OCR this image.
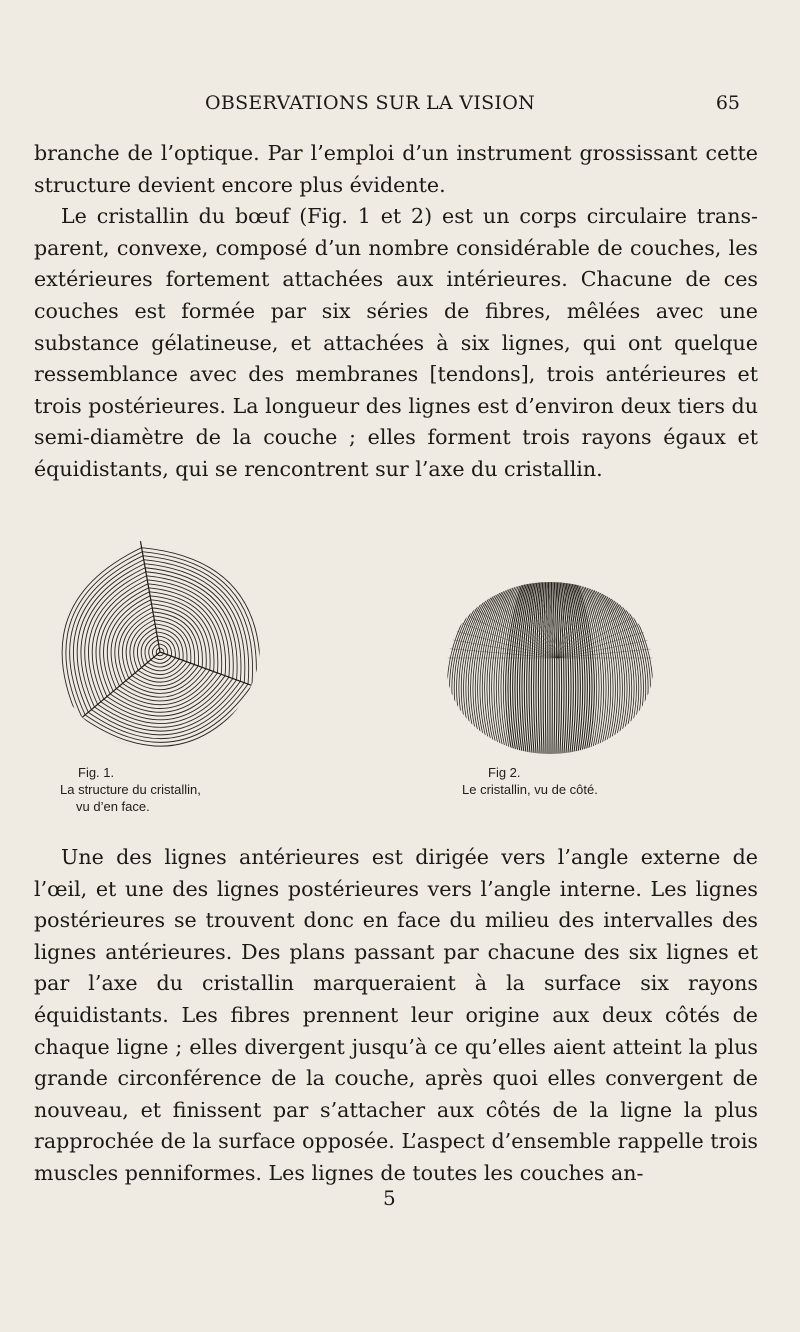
OBSERVATIONS SUR LA VISION	65

branche de l’optique. Par l’emploi d’un instrument grossissant cette structure devient encore plus évidente.

Le cristallin du bœuf (Fig. 1 et 2) est un corps circulaire trans- parent, convexe, composé d’un nombre considérable de couches, les extérieures fortement attachées aux intérieures. Chacune de ces couches est formée par six séries de fibres, mêlées avec une substance gélatineuse, et attachées à six lignes, qui ont quelque ressemblance avec des membranes [tendons], trois antérieures et trois postérieures. La longueur des lignes est d’environ deux tiers du semi-diamètre de la couche ; elles forment trois rayons égaux et équidistants, qui se rencontrent sur l’axe du cristallin.

Fig. 1.
La structure du cristallin,
vu d’en face.
Fig 2.
Le cristallin, vu de côté.

Une des lignes antérieures est dirigée vers l’angle externe de l’œil, et une des lignes postérieures vers l’angle interne. Les lignes postérieures se trouvent donc en face du milieu des intervalles des lignes antérieures. Des plans passant par chacune des six lignes et par l’axe du cristallin marqueraient à la surface six rayons équidistants. Les fibres prennent leur origine aux deux côtés de chaque ligne ; elles divergent jusqu’à ce qu’elles aient atteint la plus grande circonférence de la couche, après quoi elles convergent de nouveau, et finissent par s’attacher aux côtés de la ligne la plus rapprochée de la surface opposée. L’aspect d’ensemble rappelle trois muscles penniformes. Les lignes de toutes les couches an-

5
